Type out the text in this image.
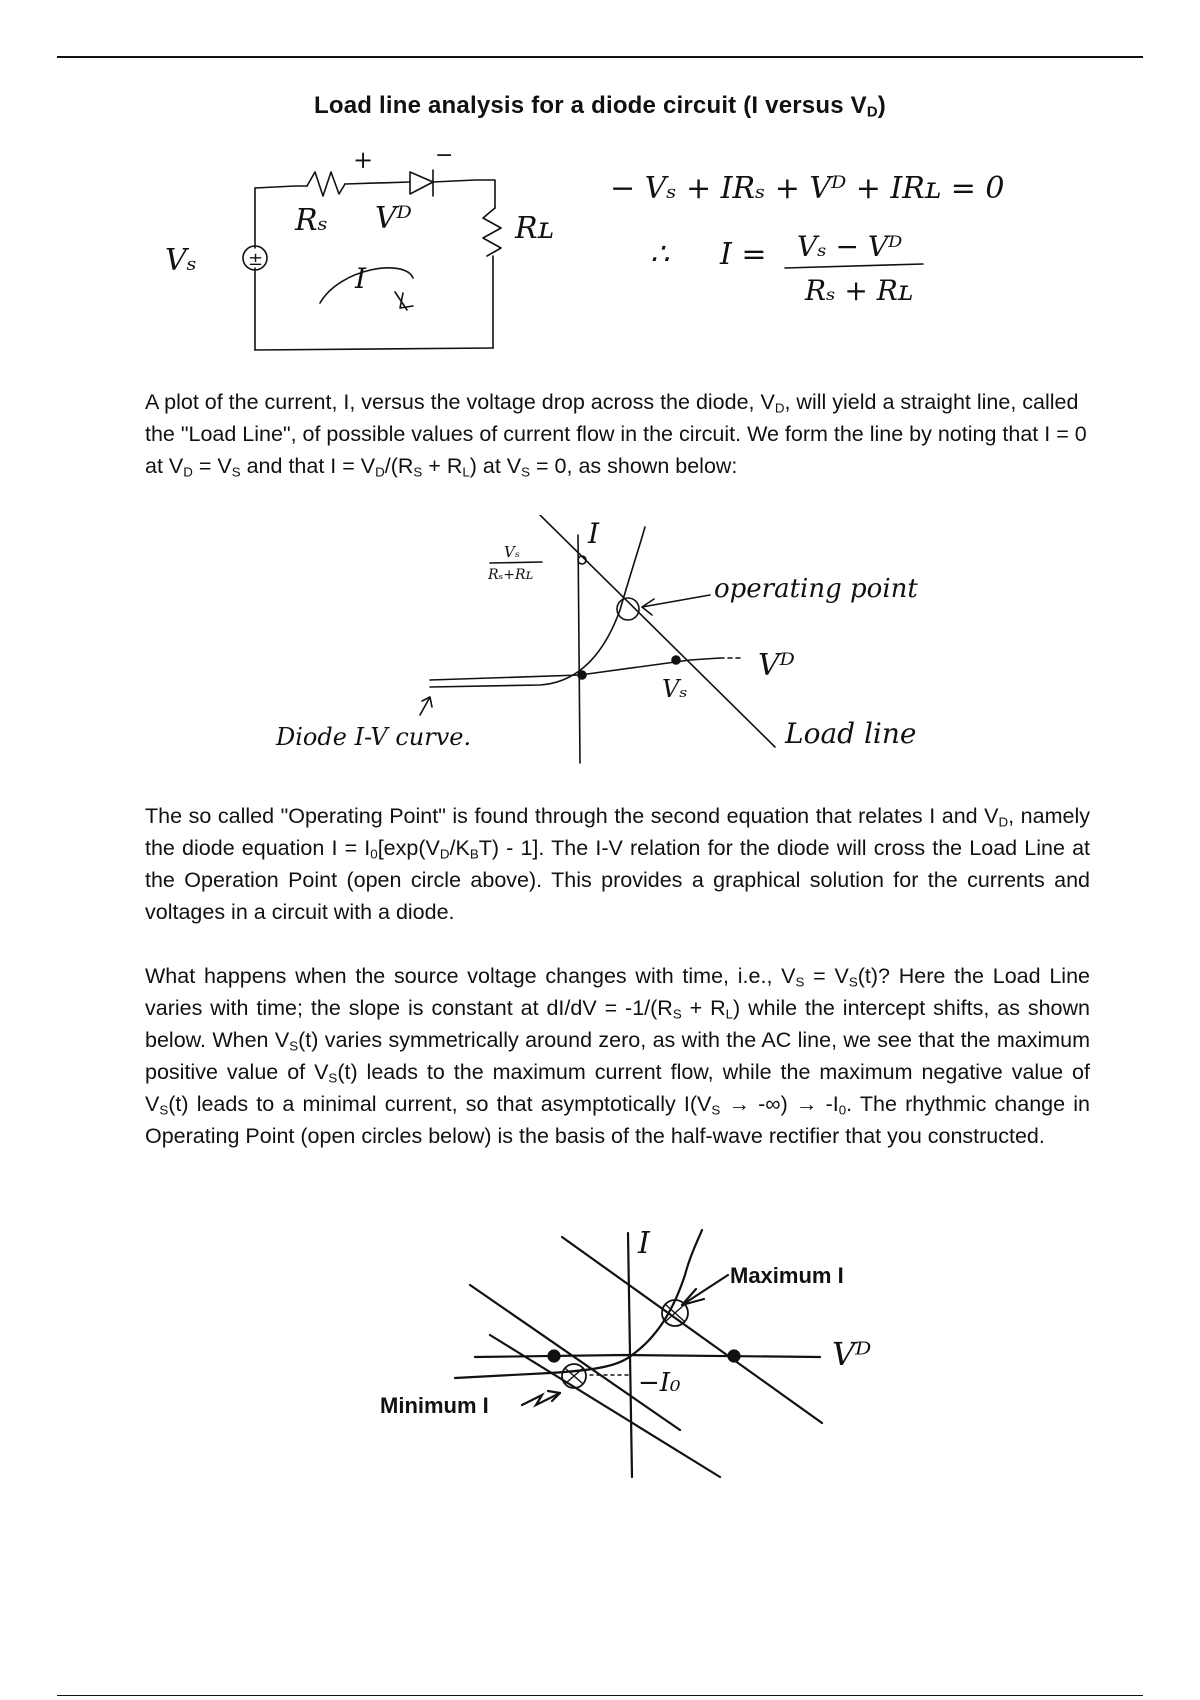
Load line analysis for a diode circuit (I versus $V_D$)
±
Vₛ
+	−
Rₛ Vᴰ	Rʟ
I
− Vₛ + IRₛ + Vᴰ + IRʟ = 0
∴ I = Vₛ − Vᴰ
Rₛ + Rʟ
A plot of the current, I, versus the voltage drop across the diode, $V_D$, will yield a straight line, called the "Load Line", of possible values of current flow in the circuit. We form the line by noting that I = 0 at $V_D = V_S$ and that $I = V_D/(R_S + R_L)$ at $V_S = 0$, as shown below:
I
Vₛ
Rₛ+Rʟ	operating point
Vᴰ
Vₛ
Diode I-V curve.	Load line
The so called "Operating Point" is found through the second equation that relates I and $V_D$, namely the diode equation $I = I_0[\exp(V_D/K_BT) - 1]$. The I-V relation for the diode will cross the Load Line at the Operation Point (open circle above). This provides a graphical solution for the currents and voltages in a circuit with a diode.
What happens when the source voltage changes with time, i.e., $V_S = V_S(t)$? Here the Load Line varies with time; the slope is constant at $dI/dV = -1/(R_S + R_L)$ while the intercept shifts, as shown below. When $V_S(t)$ varies symmetrically around zero, as with the AC line, we see that the maximum positive value of $V_S(t)$ leads to the maximum current flow, while the maximum negative value of $V_S(t)$ leads to a minimal current, so that asymptotically $I(V_S$ → -∞) → $-I_0$. The rhythmic change in Operating Point (open circles below) is the basis of the half-wave rectifier that you constructed.
I
Maximum I
Vᴰ
−I₀
Minimum I
